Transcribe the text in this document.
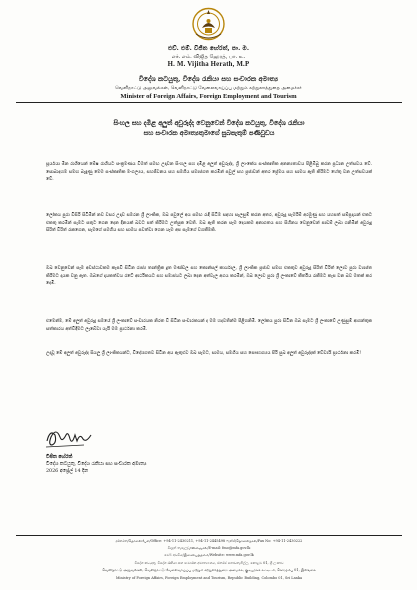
එච්. එම්. විජිත හේරත්, පා. ම.
எச். எம். விஜித ஹேரத், பா. உ.
H. M. Vijitha Herath, M.P
විදේශ කටයුතු, විදේශ රැකියා සහ සංචාරක අමාත්‍ය
வெளிநாட்டு அலுவல்கள், வெளிநாட்டு வேலைவாய்ப்பு மற்றும் சுற்றுலாத்துறை அமைச்சர்
Minister of Foreign Affairs, Foreign Employment and Tourism
සිංහල සහ දමිළ අලුත් අවුරුද්ද වෙනුවෙන් විදේශ කටයුතු, විදේශ රැකියා
සහ සංචාරක අමාත්‍යතුමාගේ සුබපැතුම් පණිවුඩය
සූර්යයා මීන රාශියෙන් මේෂ රාශියට සංක්‍රමණය වීමත් සමඟ උදාවන සිංහල සහ දමිළ අලුත් අවුරුද්ද, ශ්‍රී ලාංකේය සංස්කෘතික අනන්‍යතාවය පිළිඹිබු කරන ප්‍රධාන උත්සවය වේ. සොබාදහම සමඟ බැඳුණු මෙම සංස්කෘතික මංගල්‍යය, සහජීවනය සහ සමගිය සමාජගත කරමින් පවුල් සහ ප්‍රජාවන් අතර ප්‍රේමය සහ සාමය ඇති කිරීමට හේතු වන උත්සවයක් වේ.
ලෝකය පුරා විසිරී සිටිමින් නව වසර උදාව සමරන ශ්‍රී ලාංකික, ඔබ පවුලේ අය සමඟ රැඳී සිටීම සඳහා සැලසුම් කරන අතර, අවුරුදු සැමරීම් අරමුණු සහ යහපත් සම්ප්‍රදායන් එකට එකතු කරමින් සැමට සතුට ගෙන දෙන දිනයක් බවට පත් කිරීමට උත්සුක වෙති. ඔබ ඇති කරන සෑම දෙයකම අනාගතය සහ සිහිනය වෙනුවෙන් පාඩම් ලබා ගනිමින් අවුරුදු සිරිත් විරිත් රැකගෙන, සැමගේ සමගිය සහ සාමය පවත්වා ගෙන යෑම අප සැමගේ වගකීමකි.
ඔබ වෙනුවෙන් සෑම අවස්ථාවකම කැපවී සිටින රාජ්‍ය තාන්ත්‍රික දූත මණ්ඩල සහ කොන්සල් කාර්යාල, ශ්‍රී ලාංකික ප්‍රජාව සමඟ එකතුව අවුරුදු සිරිත් විරිත් ලොව පුරා ව්‍යාප්ත කිරීමට දායක වනු ඇත. ඔබගේ දායකත්වය රටේ ආර්ථිකයට සහ සමාජයට ලබා දෙන අත්වැල අගය කරමින්, ඔබ ලොව පුරා ශ්‍රී ලංකාවේ කීර්තිය රැකීමට කැප වන බව මතක් කර දෙමි.
එමෙන්ම, මේ අලුත් අවුරුදු සමයේ ශ්‍රී ලංකාවේ සංචාරයක නිරත වී සිටින සංචාරකයන් ද මම හදවතින්ම පිළිගනිමි. ලෝකය පුරා සිටින ඔබ සැමට ශ්‍රී ලංකාවේ උණුසුම් ආගන්තුක සත්කාරය අත්විඳීමට ලැබේවා යැයි මම ප්‍රාර්ථනා කරමි.
උදාවූ මේ අලුත් අවුරුද්ද සියලු ශ්‍රී ලාංකිකයන්ට, විදේශගතව සිටින අය ඇතුළුව ඔබ සැමට, සාමය, සමගිය සහ සෞභාග්‍යය පිරී සුබ අලුත් අවුරුද්දක් වේවායි ප්‍රාර්ථනා කරමි!
විජිත හේරත්
විදේශ කටයුතු, විදේශ රැකියා සහ සංචාරක අමාත්‍ය
2026 අප්‍රේල් 14 දින
දුරකථන/தொலைபேசி/Office: +94-11-2430211, +94-11-2445498 ෆැක්ස්/தொலைநகல்/Fax No: +94-11-2430222
විද්‍යුත් තැපෑල/மின்னஞ்சல்/E-mail: fmo@mfa.gov.lk
වෙබ් අඩවිය/இணையத்தளம்/Website: www.mfa.gov.lk
විදේශ කටයුතු, විදේශ රැකියා සහ සංචාරක අමාත්‍යාංශය, ජනරජ ගොඩනැගිල්ල, කොළඹ 01, ශ්‍රී ලංකාව
வெளிநாட்டு அலுவல்கள், வெளிநாட்டு வேலைவாய்ப்பு மற்றும் சுற்றுலாத்துறை அமைச்சு, குடியரசுக் கட்டிடம், கொழும்பு 01, இலங்கை
Ministry of Foreign Affairs, Foreign Employment and Tourism, Republic Building, Colombo 01, Sri Lanka
